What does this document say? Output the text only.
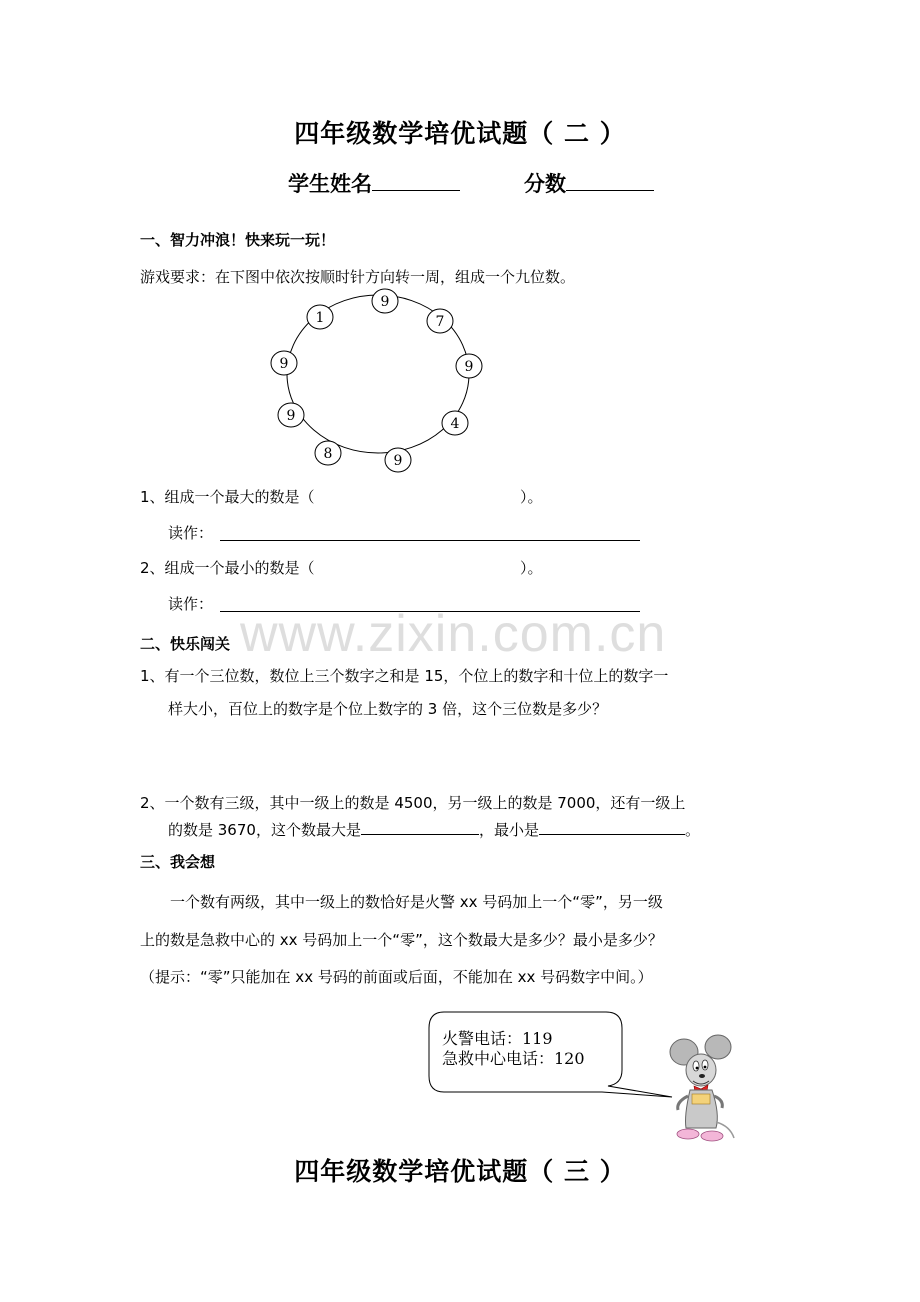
四年级数学培优试题（ 二 ）
学生姓名	分数
一、智力冲浪！快来玩一玩！
游戏要求：在下图中依次按顺时针方向转一周，组成一个九位数。
9
7
9
4
9
8
9
9
1
1、组成一个最大的数是（	）。
读作：
2、组成一个最小的数是（	）。
读作：
www.zixin.com.cn
二、快乐闯关
1、有一个三位数，数位上三个数字之和是 15，个位上的数字和十位上的数字一
样大小，百位上的数字是个位上数字的 3 倍，这个三位数是多少？
2、一个数有三级，其中一级上的数是 4500，另一级上的数是 7000，还有一级上
的数是 3670，这个数最大是	，最小是	。
三、我会想
一个数有两级，其中一级上的数恰好是火警 xx 号码加上一个“零”，另一级
上的数是急救中心的 xx 号码加上一个“零”，这个数最大是多少？最小是多少？
（提示：“零”只能加在 xx 号码的前面或后面，不能加在 xx 号码数字中间。）
火警电话：119
急救中心电话：120
四年级数学培优试题（ 三 ）
